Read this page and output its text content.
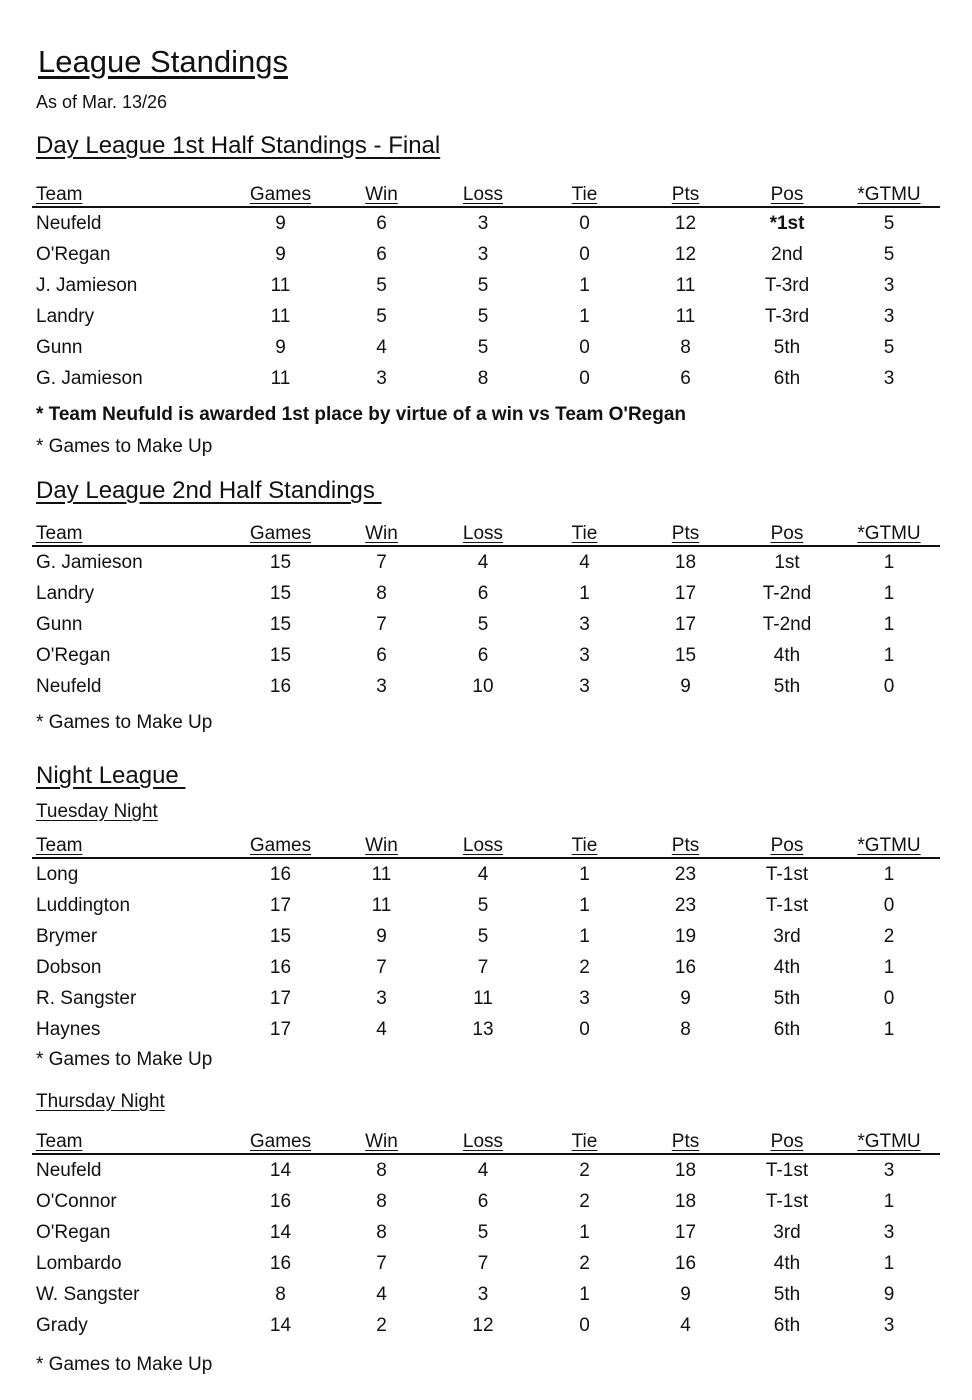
League Standings
As of Mar. 13/26
Day League 1st Half Standings - Final
Team	Games	Win	Loss	Tie	Pts	Pos	*GTMU
Neufeld	9	6	3	0	12	*1st	5
O'Regan	9	6	3	0	12	2nd	5
J. Jamieson	11	5	5	1	11	T-3rd	3
Landry	11	5	5	1	11	T-3rd	3
Gunn	9	4	5	0	8	5th	5
G. Jamieson	11	3	8	0	6	6th	3
* Team Neufuld is awarded 1st place by virtue of a win vs Team O'Regan
* Games to Make Up
Day League 2nd Half Standings
Team	Games	Win	Loss	Tie	Pts	Pos	*GTMU
G. Jamieson	15	7	4	4	18	1st	1
Landry	15	8	6	1	17	T-2nd	1
Gunn	15	7	5	3	17	T-2nd	1
O'Regan	15	6	6	3	15	4th	1
Neufeld	16	3	10	3	9	5th	0
* Games to Make Up
Night League
Tuesday Night
Team	Games	Win	Loss	Tie	Pts	Pos	*GTMU
Long	16	11	4	1	23	T-1st	1
Luddington	17	11	5	1	23	T-1st	0
Brymer	15	9	5	1	19	3rd	2
Dobson	16	7	7	2	16	4th	1
R. Sangster	17	3	11	3	9	5th	0
Haynes	17	4	13	0	8	6th	1
* Games to Make Up
Thursday Night
Team	Games	Win	Loss	Tie	Pts	Pos	*GTMU
Neufeld	14	8	4	2	18	T-1st	3
O'Connor	16	8	6	2	18	T-1st	1
O'Regan	14	8	5	1	17	3rd	3
Lombardo	16	7	7	2	16	4th	1
W. Sangster	8	4	3	1	9	5th	9
Grady	14	2	12	0	4	6th	3
* Games to Make Up
